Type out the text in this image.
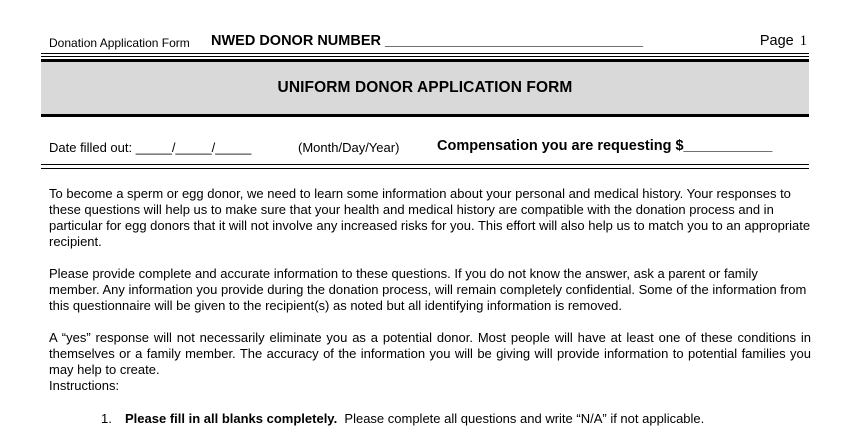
Donation Application Form NWED DONOR NUMBER ________________________________	Page 1
UNIFORM DONOR APPLICATION FORM
Date filled out: _____/_____/_____	(Month/Day/Year)	Compensation you are requesting $___________

To become a sperm or egg donor, we need to learn some information about your personal and medical history. Your responses to these questions will help us to make sure that your health and medical history are compatible with the donation process and in particular for egg donors that it will not involve any increased risks for you. This effort will also help us to match you to an appropriate recipient.

Please provide complete and accurate information to these questions. If you do not know the answer, ask a parent or family member. Any information you provide during the donation process, will remain completely confidential. Some of the information from this questionnaire will be given to the recipient(s) as noted but all identifying information is removed.

A “yes” response will not necessarily eliminate you as a potential donor. Most people will have at least one of these conditions in themselves or a family member. The accuracy of the information you will be giving will provide information to potential families you may help to create.

Instructions:

1. Please fill in all blanks completely.  Please complete all questions and write “N/A” if not applicable.
